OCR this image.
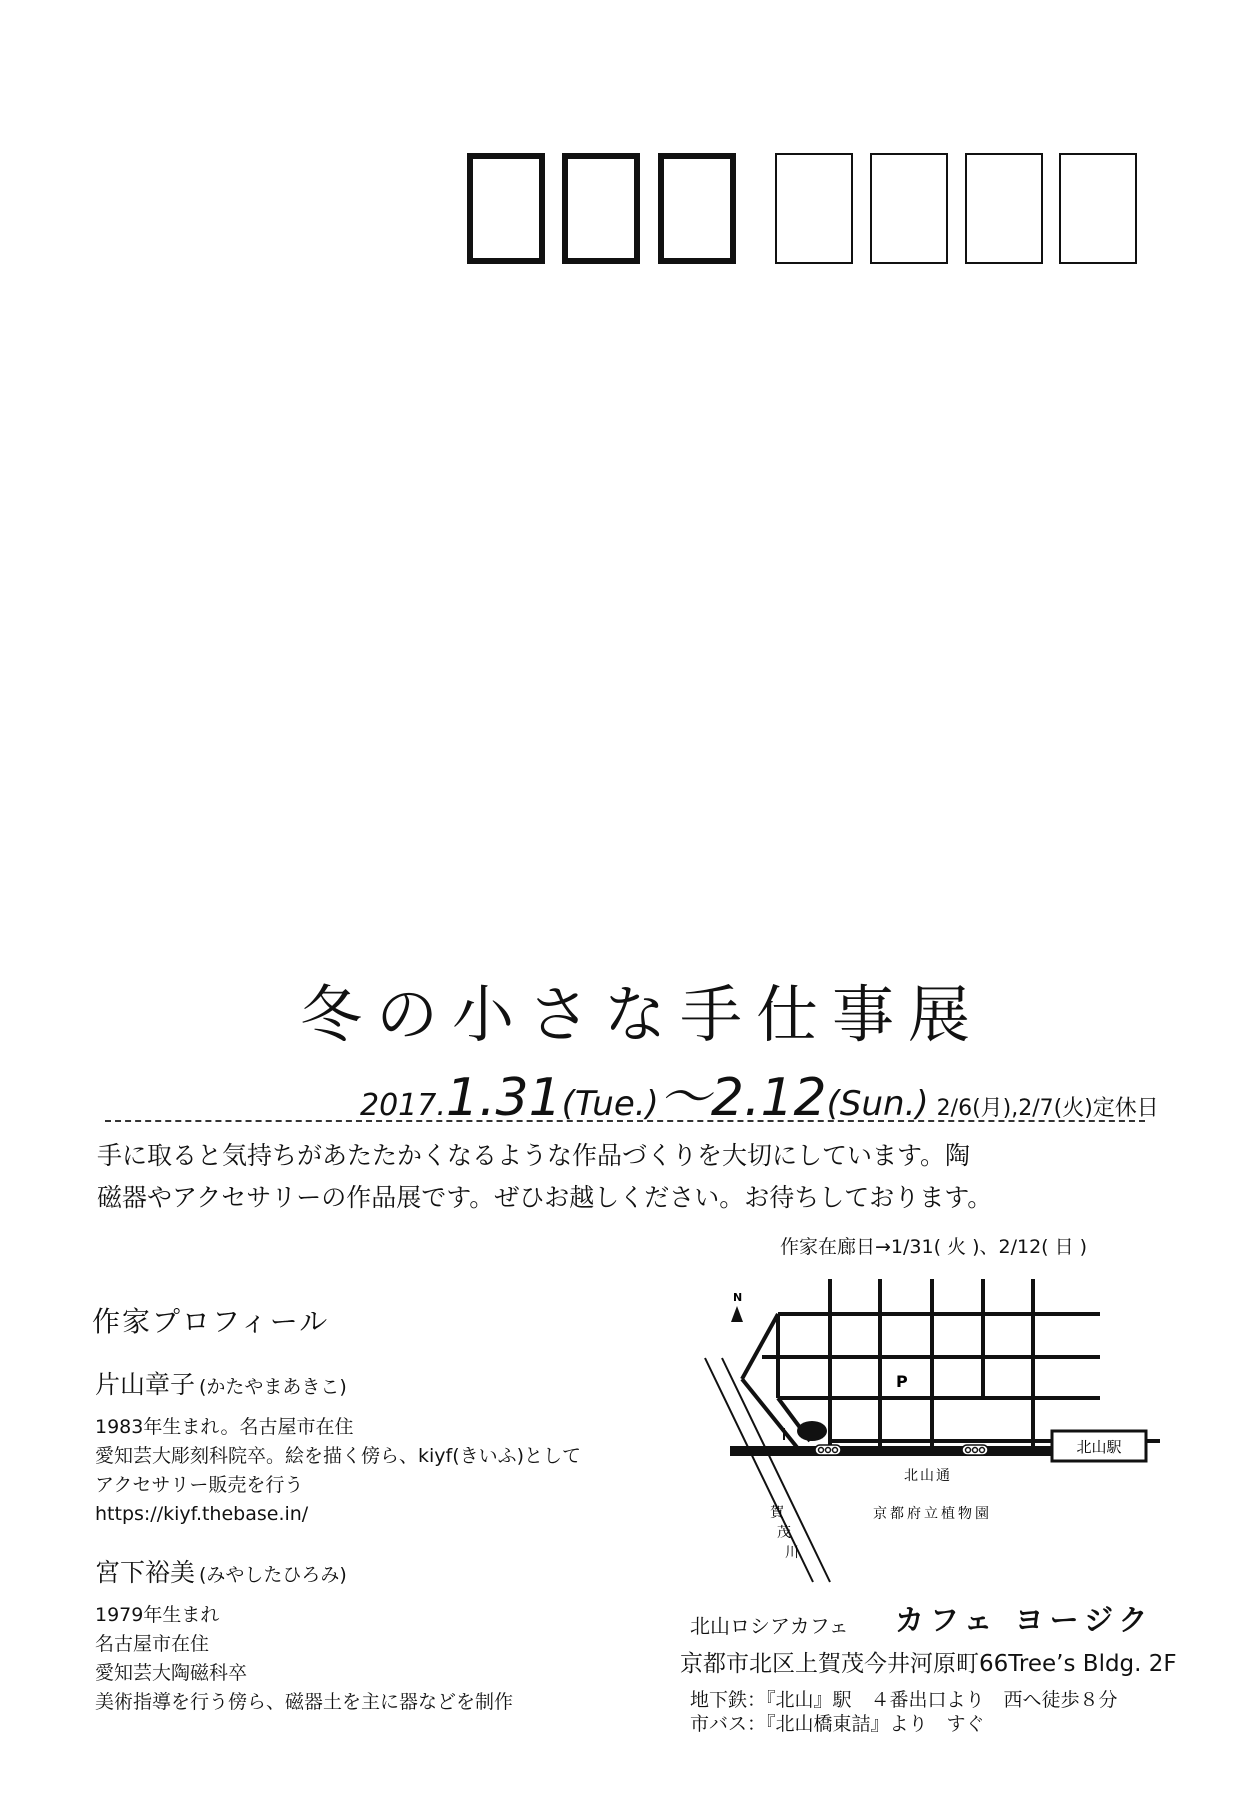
冬の小さな手仕事展
2017.1.31(Tue.)〜2.12(Sun.) 2/6(月),2/7(火)定休日
手に取ると気持ちがあたたかくなるような作品づくりを大切にしています。陶
磁器やアクセサリーの作品展です。ぜひお越しください。お待ちしております。
作家在廊日→1/31( 火 )、2/12( 日 )
作家プロフィール
片山章子 (かたやまあきこ)
1983年生まれ。名古屋市在住
愛知芸大彫刻科院卒。絵を描く傍ら、kiyf(きいふ)として
アクセサリー販売を行う
https://kiyf.thebase.in/
宮下裕美 (みやしたひろみ)
1979年生まれ
名古屋市在住
愛知芸大陶磁科卒
美術指導を行う傍ら、磁器土を主に器などを制作
N
賀
茂
川
P
北山駅
北山通
京都府立植物園
北山ロシアカフェ カフェ ヨージク
京都市北区上賀茂今井河原町66Tree’s Bldg. 2F
地下鉄：『北山』駅　４番出口より　西へ徒歩８分
市バス：『北山橋東詰』より　すぐ
